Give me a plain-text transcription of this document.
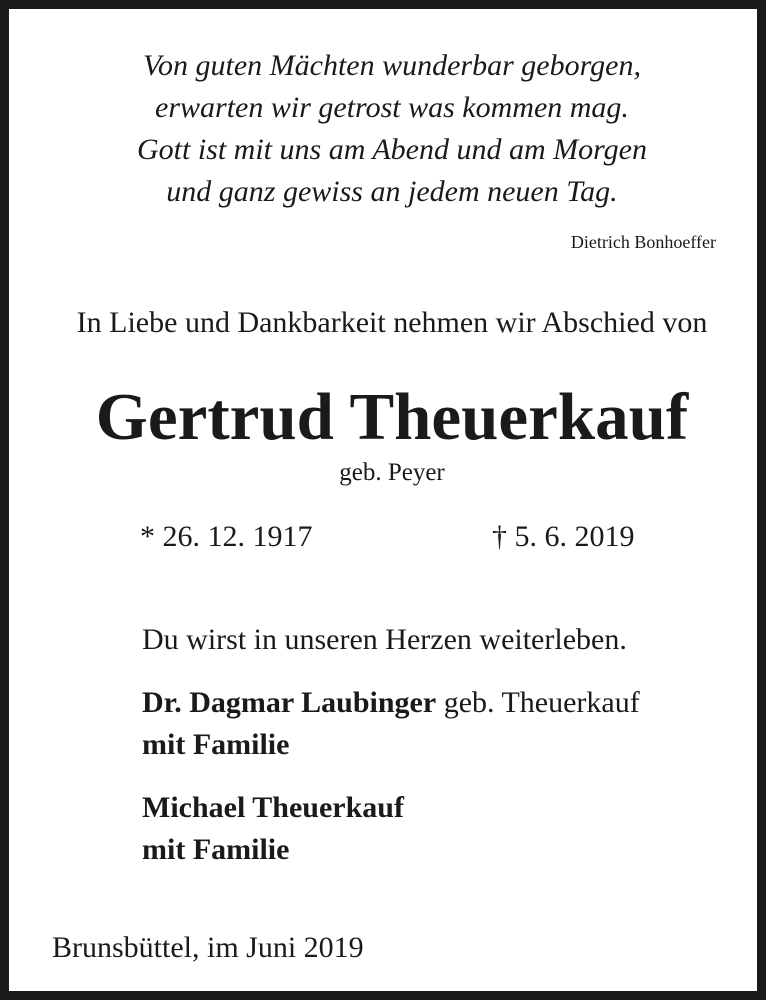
Von guten Mächten wunderbar geborgen,
erwarten wir getrost was kommen mag.
Gott ist mit uns am Abend und am Morgen
und ganz gewiss an jedem neuen Tag.
Dietrich Bonhoeffer
In Liebe und Dankbarkeit nehmen wir Abschied von
Gertrud Theuerkauf
geb. Peyer
* 26. 12. 1917	† 5. 6. 2019
Du wirst in unseren Herzen weiterleben.
Dr. Dagmar Laubinger geb. Theuerkauf
mit Familie
Michael Theuerkauf
mit Familie
Brunsbüttel, im Juni 2019
